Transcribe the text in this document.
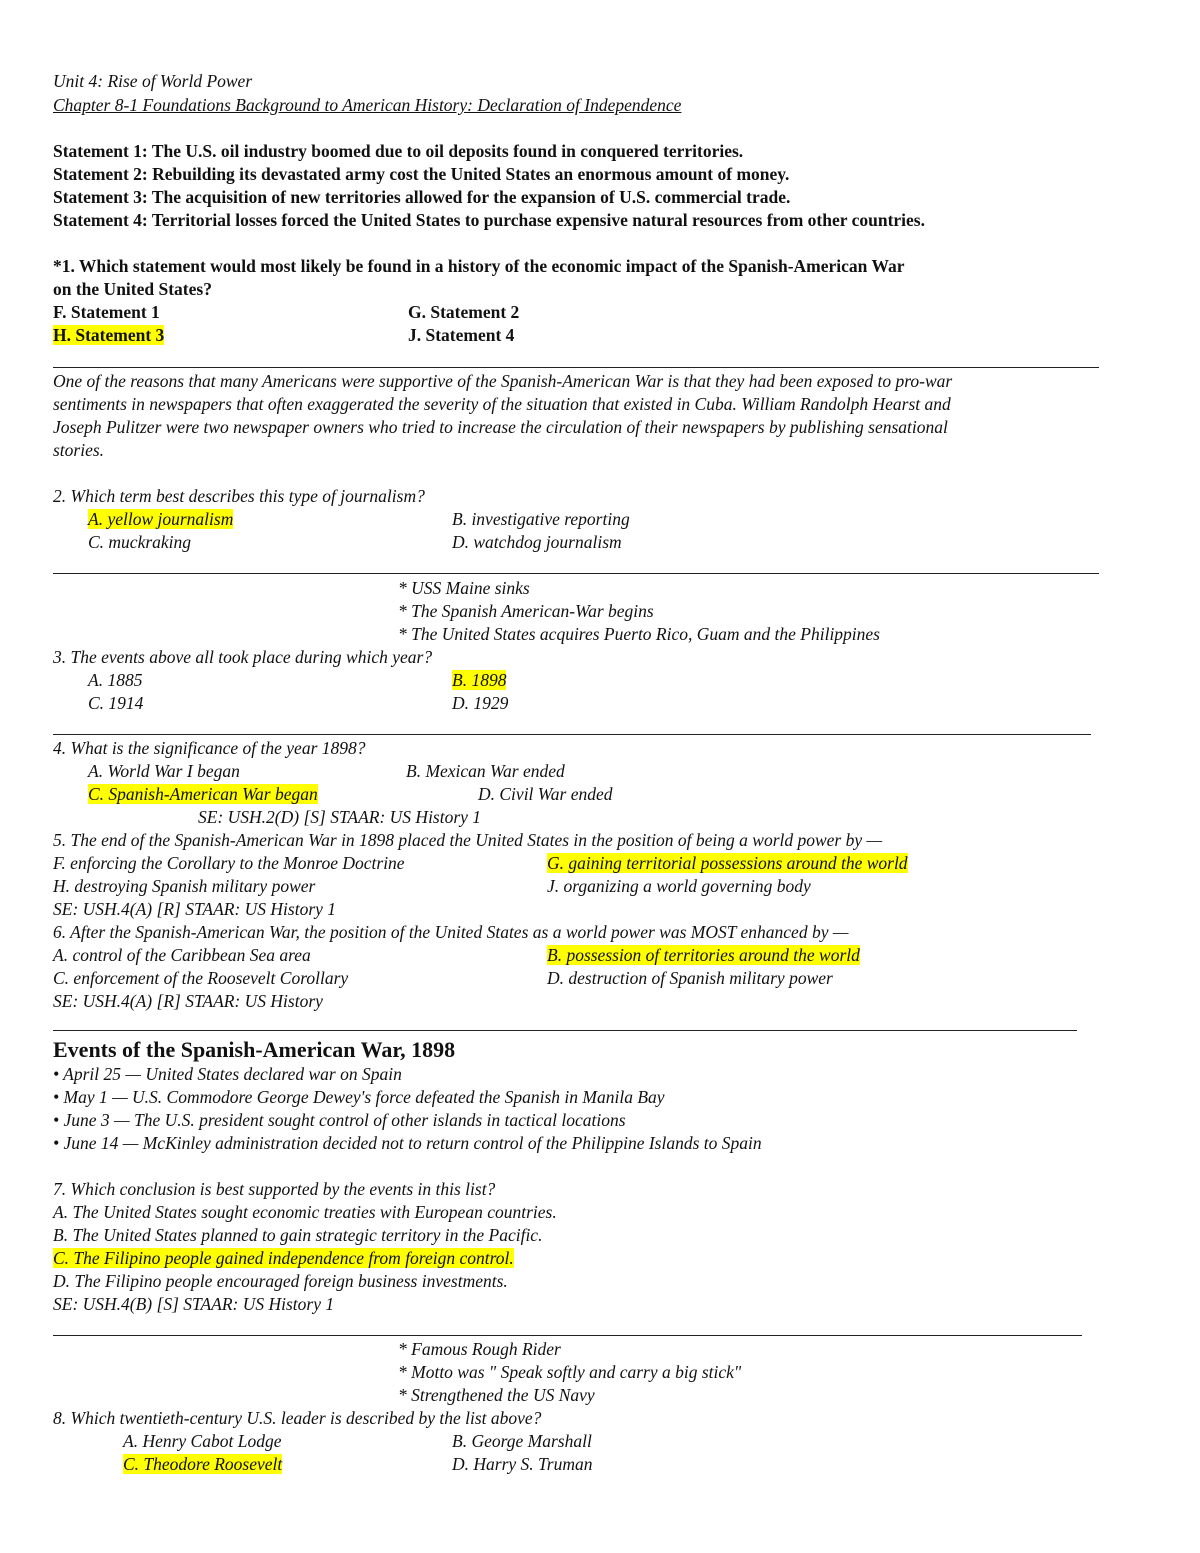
Unit 4: Rise of World Power
Chapter 8-1 Foundations Background to American History: Declaration of Independence
Statement 1: The U.S. oil industry boomed due to oil deposits found in conquered territories.
Statement 2: Rebuilding its devastated army cost the United States an enormous amount of money.
Statement 3: The acquisition of new territories allowed for the expansion of U.S. commercial trade.
Statement 4: Territorial losses forced the United States to purchase expensive natural resources from other countries.
*1. Which statement would most likely be found in a history of the economic impact of the Spanish-American War
on the United States?
F. Statement 1	G. Statement 2
H. Statement 3	J. Statement 4
One of the reasons that many Americans were supportive of the Spanish-American War is that they had been exposed to pro-war
sentiments in newspapers that often exaggerated the severity of the situation that existed in Cuba. William Randolph Hearst and
Joseph Pulitzer were two newspaper owners who tried to increase the circulation of their newspapers by publishing sensational
stories.
2. Which term best describes this type of journalism?
A. yellow journalism	B. investigative reporting
C. muckraking	D. watchdog journalism
* USS Maine sinks
* The Spanish American-War begins
* The United States acquires Puerto Rico, Guam and the Philippines
3. The events above all took place during which year?
A. 1885	B. 1898
C. 1914	D. 1929
4. What is the significance of the year 1898?
A. World War I began	B. Mexican War ended
C. Spanish-American War began	D. Civil War ended
SE: USH.2(D) [S] STAAR: US History 1
5. The end of the Spanish-American War in 1898 placed the United States in the position of being a world power by —
F. enforcing the Corollary to the Monroe Doctrine	G. gaining territorial possessions around the world
H. destroying Spanish military power	J. organizing a world governing body
SE: USH.4(A) [R] STAAR: US History 1
6. After the Spanish-American War, the position of the United States as a world power was MOST enhanced by —
A. control of the Caribbean Sea area	B. possession of territories around the world
C. enforcement of the Roosevelt Corollary	D. destruction of Spanish military power
SE: USH.4(A) [R] STAAR: US History
Events of the Spanish-American War, 1898
• April 25 — United States declared war on Spain
• May 1 — U.S. Commodore George Dewey's force defeated the Spanish in Manila Bay
• June 3 — The U.S. president sought control of other islands in tactical locations
• June 14 — McKinley administration decided not to return control of the Philippine Islands to Spain
7. Which conclusion is best supported by the events in this list?
A. The United States sought economic treaties with European countries.
B. The United States planned to gain strategic territory in the Pacific.
C. The Filipino people gained independence from foreign control.
D. The Filipino people encouraged foreign business investments.
SE: USH.4(B) [S] STAAR: US History 1
* Famous Rough Rider
* Motto was " Speak softly and carry a big stick"
* Strengthened the US Navy
8. Which twentieth-century U.S. leader is described by the list above?
A. Henry Cabot Lodge	B. George Marshall
C. Theodore Roosevelt	D. Harry S. Truman
